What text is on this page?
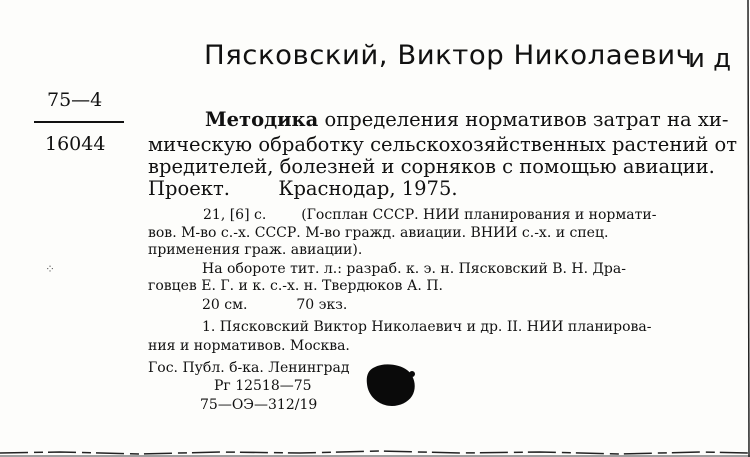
Пясковский, Виктор Николаевич
и д
75—4
16044
Методика определения нормативов затрат на хи-
мическую обработку сельскохозяйственных растений от
вредителей, болезней и сорняков с помощью авиации.
Проект. Краснодар, 1975.
21, [6] с. (Госплан СССР. НИИ планирования и нормати-
вов. М-во с.-х. СССР. М-во гражд. авиации. ВНИИ с.-х. и спец.
применения граж. авиации).
На обороте тит. л.: разраб. к. э. н. Пясковский В. Н. Дра-
говцев Е. Г. и к. с.-х. н. Твердюков А. П.
20 см.	70 экз.
1. Пясковский Виктор Николаевич и др. II. НИИ планирова-
ния и нормативов. Москва.
Гос. Публ. б-ка. Ленинград
Рг 12518—75
75—ОЭ—312/19
⁘
